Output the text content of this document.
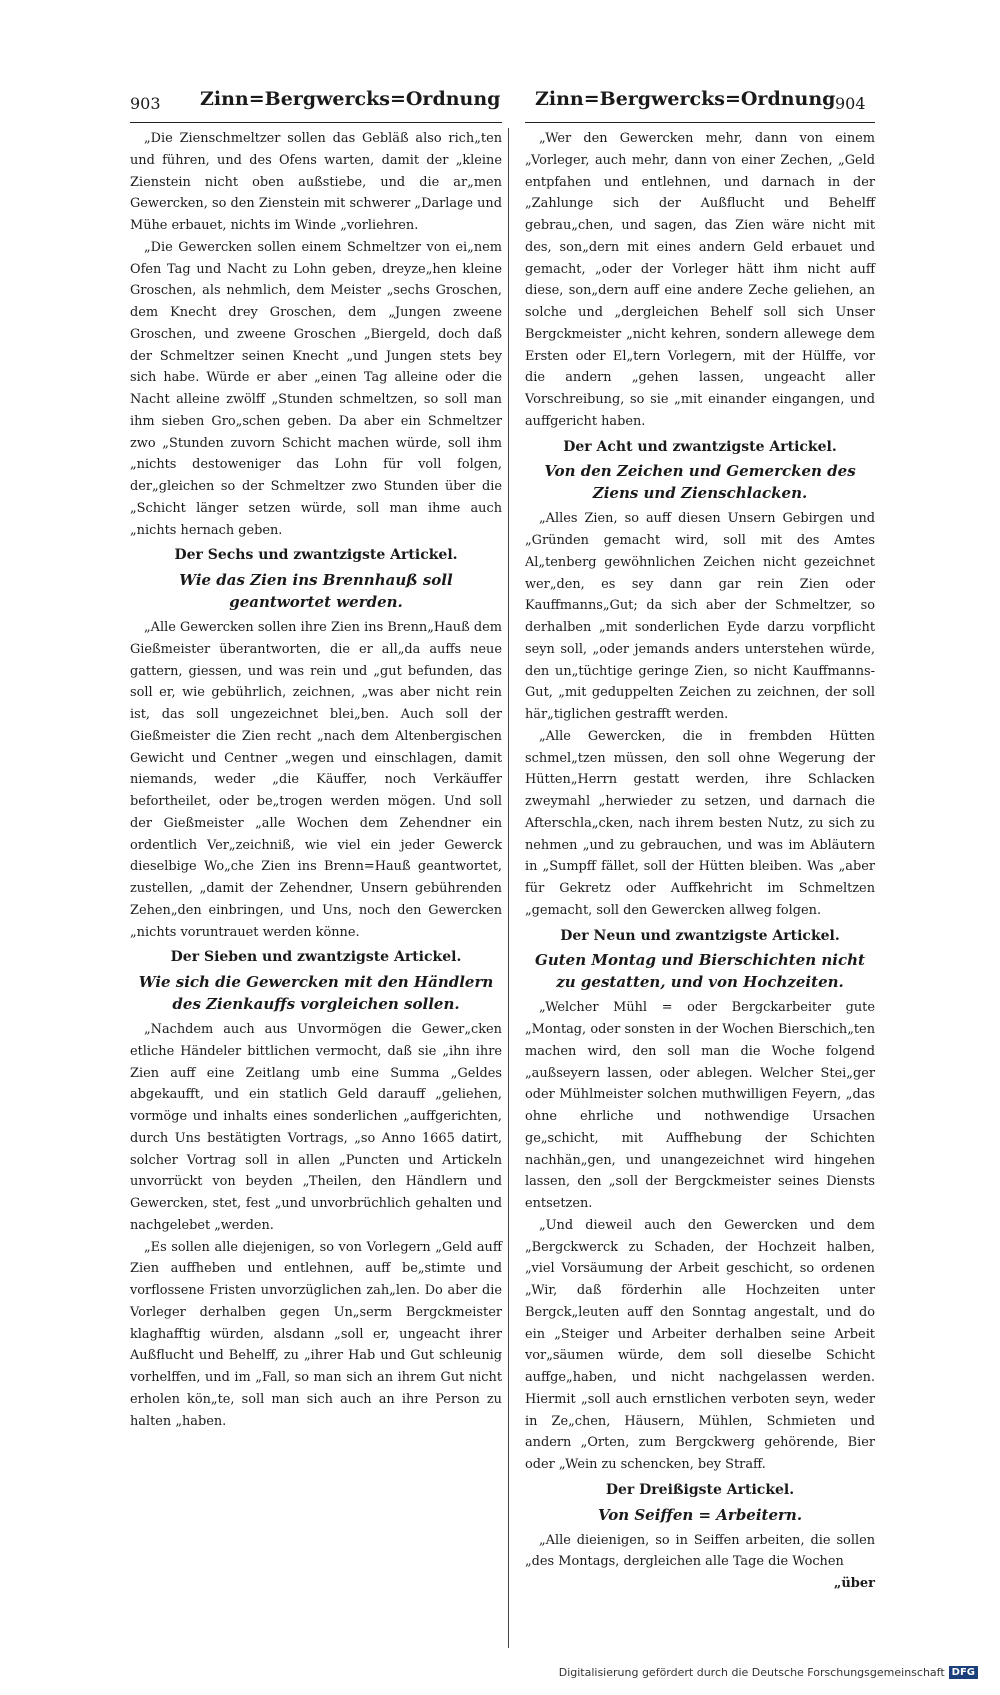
903 Zinn=Bergwercks=Ordnung Zinn=Bergwercks=Ordnung 904

„Die Zienschmeltzer sollen das Gebläß also rich„ten und führen, und des Ofens warten, damit der „kleine Zienstein nicht oben außstiebe, und die ar„men Gewercken, so den Zienstein mit schwerer „Darlage und Mühe erbauet, nichts im Winde „vorliehren.

„Die Gewercken sollen einem Schmeltzer von ei„nem Ofen Tag und Nacht zu Lohn geben, dreyze„hen kleine Groschen, als nehmlich, dem Meister „sechs Groschen, dem Knecht drey Groschen, dem „Jungen zweene Groschen, und zweene Groschen „Biergeld, doch daß der Schmeltzer seinen Knecht „und Jungen stets bey sich habe. Würde er aber „einen Tag alleine oder die Nacht alleine zwölff „Stunden schmeltzen, so soll man ihm sieben Gro„schen geben. Da aber ein Schmeltzer zwo „Stunden zuvorn Schicht machen würde, soll ihm „nichts destoweniger das Lohn für voll folgen, der„gleichen so der Schmeltzer zwo Stunden über die „Schicht länger setzen würde, soll man ihme auch „nichts hernach geben.

Der Sechs und zwantzigste Artickel.
Wie das Zien ins Brennhauß soll geantwortet werden.

„Alle Gewercken sollen ihre Zien ins Brenn„Hauß dem Gießmeister überantworten, die er all„da auffs neue gattern, giessen, und was rein und „gut befunden, das soll er, wie gebührlich, zeichnen, „was aber nicht rein ist, das soll ungezeichnet blei„ben. Auch soll der Gießmeister die Zien recht „nach dem Altenbergischen Gewicht und Centner „wegen und einschlagen, damit niemands, weder „die Käuffer, noch Verkäuffer befortheilet, oder be„trogen werden mögen. Und soll der Gießmeister „alle Wochen dem Zehendner ein ordentlich Ver„zeichniß, wie viel ein jeder Gewerck dieselbige Wo„che Zien ins Brenn=Hauß geantwortet, zustellen, „damit der Zehendner, Unsern gebührenden Zehen„den einbringen, und Uns, noch den Gewercken „nichts voruntrauet werden könne.

Der Sieben und zwantzigste Artickel.
Wie sich die Gewercken mit den Händlern des Zienkauffs vorgleichen sollen.

„Nachdem auch aus Unvormögen die Gewer„cken etliche Händeler bittlichen vermocht, daß sie „ihn ihre Zien auff eine Zeitlang umb eine Summa „Geldes abgekaufft, und ein statlich Geld darauff „geliehen, vormöge und inhalts eines sonderlichen „auffgerichten, durch Uns bestätigten Vortrags, „so Anno 1665 datirt, solcher Vortrag soll in allen „Puncten und Artickeln unvorrückt von beyden „Theilen, den Händlern und Gewercken, stet, fest „und unvorbrüchlich gehalten und nachgelebet „werden.

„Es sollen alle diejenigen, so von Vorlegern „Geld auff Zien auffheben und entlehnen, auff be„stimte und vorflossene Fristen unvorzüglichen zah„len. Do aber die Vorleger derhalben gegen Un„serm Bergckmeister klaghafftig würden, alsdann „soll er, ungeacht ihrer Außflucht und Behelff, zu „ihrer Hab und Gut schleunig vorhelffen, und im „Fall, so man sich an ihrem Gut nicht erholen kön„te, soll man sich auch an ihre Person zu halten „haben.

„Wer den Gewercken mehr, dann von einem „Vorleger, auch mehr, dann von einer Zechen, „Geld entpfahen und entlehnen, und darnach in der „Zahlunge sich der Außflucht und Behelff gebrau„chen, und sagen, das Zien wäre nicht mit des, son„dern mit eines andern Geld erbauet und gemacht, „oder der Vorleger hätt ihm nicht auff diese, son„dern auff eine andere Zeche geliehen, an solche und „dergleichen Behelf soll sich Unser Bergckmeister „nicht kehren, sondern allewege dem Ersten oder El„tern Vorlegern, mit der Hülffe, vor die andern „gehen lassen, ungeacht aller Vorschreibung, so sie „mit einander eingangen, und auffgericht haben.

Der Acht und zwantzigste Artickel.
Von den Zeichen und Gemercken des Ziens und Zienschlacken.

„Alles Zien, so auff diesen Unsern Gebirgen und „Gründen gemacht wird, soll mit des Amtes Al„tenberg gewöhnlichen Zeichen nicht gezeichnet wer„den, es sey dann gar rein Zien oder Kauffmanns„Gut; da sich aber der Schmeltzer, so derhalben „mit sonderlichen Eyde darzu vorpflicht seyn soll, „oder jemands anders unterstehen würde, den un„tüchtige geringe Zien, so nicht Kauffmanns-Gut, „mit geduppelten Zeichen zu zeichnen, der soll här„tiglichen gestrafft werden.

„Alle Gewercken, die in frembden Hütten schmel„tzen müssen, den soll ohne Wegerung der Hütten„Herrn gestatt werden, ihre Schlacken zweymahl „herwieder zu setzen, und darnach die Afterschla„cken, nach ihrem besten Nutz, zu sich zu nehmen „und zu gebrauchen, und was im Abläutern in „Sumpff fället, soll der Hütten bleiben. Was „aber für Gekretz oder Auffkehricht im Schmeltzen „gemacht, soll den Gewercken allweg folgen.

Der Neun und zwantzigste Artickel.
Guten Montag und Bierschichten nicht zu gestatten, und von Hochzeiten.

„Welcher Mühl = oder Bergckarbeiter gute „Montag, oder sonsten in der Wochen Bierschich„ten machen wird, den soll man die Woche folgend „außseyern lassen, oder ablegen. Welcher Stei„ger oder Mühlmeister solchen muthwilligen Feyern, „das ohne ehrliche und nothwendige Ursachen ge„schicht, mit Auffhebung der Schichten nachhän„gen, und unangezeichnet wird hingehen lassen, den „soll der Bergckmeister seines Diensts entsetzen.

„Und dieweil auch den Gewercken und dem „Bergckwerck zu Schaden, der Hochzeit halben, „viel Vorsäumung der Arbeit geschicht, so ordenen „Wir, daß förderhin alle Hochzeiten unter Bergck„leuten auff den Sonntag angestalt, und do ein „Steiger und Arbeiter derhalben seine Arbeit vor„säumen würde, dem soll dieselbe Schicht auffge„haben, und nicht nachgelassen werden. Hiermit „soll auch ernstlichen verboten seyn, weder in Ze„chen, Häusern, Mühlen, Schmieten und andern „Orten, zum Bergckwerg gehörende, Bier oder „Wein zu schencken, bey Straff.

Der Dreißigste Artickel.
Von Seiffen = Arbeitern.

„Alle dieienigen, so in Seiffen arbeiten, die sollen „des Montags, dergleichen alle Tage die Wochen

„über
Digitalisierung gefördert durch die Deutsche Forschungsgemeinschaft DFG
